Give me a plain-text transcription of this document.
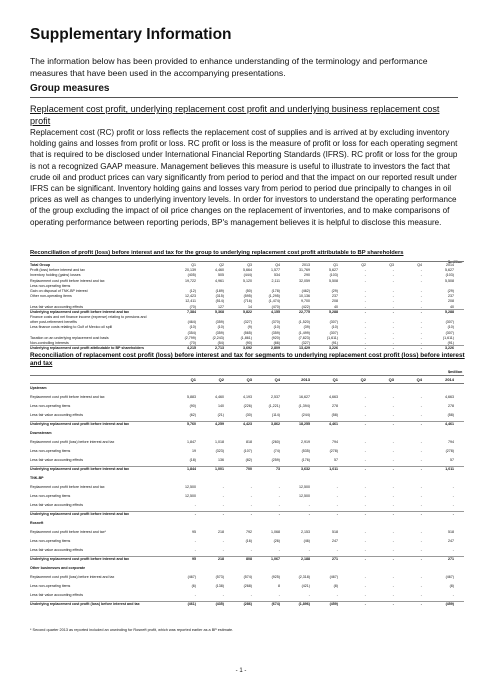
Supplementary Information
The information below has been provided to enhance understanding of the terminology and performance measures that have been used in the accompanying presentations.
Group measures
Replacement cost profit, underlying replacement cost profit and underlying business replacement cost profit
Replacement cost (RC) profit or loss reflects the replacement cost of supplies and is arrived at by excluding inventory holding gains and losses from profit or loss. RC profit or loss is the measure of profit or loss for each operating segment that is required to be disclosed under International Financial Reporting Standards (IFRS). RC profit or loss for the group is not a recognized GAAP measure. Management believes this measure is useful to illustrate to investors the fact that crude oil and product prices can vary significantly from period to period and that the impact on our reported result under IFRS can be significant. Inventory holding gains and losses vary from period to period due principally to changes in oil prices as well as changes to underlying inventory levels. In order for investors to understand the operating performance of the group excluding the impact of oil price changes on the replacement of inventories, and to make comparisons of operating performance between reporting periods, BP's management believes it is helpful to disclose this measure.
Reconciliation of profit (loss) before interest and tax for the group to underlying replacement cost profit attributable to BP shareholders
$million
Total Group	Q1	Q2	Q3	Q4	2013	Q1	Q2	Q3	Q4	2014
Profit (loss) before interest and tax	20,139	4,460	5,664	1,577	31,769	5,627	-	-	-	5,627
Inventory holding (gains) losses	(405)	505	(444)	534	290	(103)	-	-	-	(103)
Replacement cost profit before interest and tax	19,722	4,961	5,120	2,111	32,059	5,508	-	-	-	5,508
Less non-operating items
Gain on disposal of TNK-BP interest	(12)	(189)	(50)	(178)	(462)	(29)	-	-	-	(29)
Other non-operating items	12,423	(315)	(595)	(1,295)	10,136	237	-	-	-	237
12,411	(514)	(716)	(1,474)	9,700	208	-	-	-	208
Less fair value accounting effects	(70)	127	14	(470)	(422)	40	-	-	-	40
Underlying replacement cost profit before interest and tax	7,384	5,368	5,822	4,155	22,775	5,288	-	-	-	5,288
Finance costs and net finance income (expense) relating to pensions and
other post-retirement benefits	(464)	(359)	(327)	(370)	(1,520)	(307)	-	-	-	(307)
Less finance costs relating to Gulf of Mexico oil spill	(10)	(10)	(9)	(10)	(39)	(10)	-	-	-	(10)
(354)	(359)	(565)	(359)	(1,499)	(307)	-	-	-	(307)
Taxation on an underlying replacement cost basis	(2,799)	(2,243)	(1,861)	(920)	(7,823)	(1,611)	-	-	-	(1,611)
Non-controlling interests	(70)	(54)	(90)	(66)	(327)	(91)	-	-	-	(91)
Underlying replacement cost profit attributable to BP shareholders	4,215	2,713	3,692	2,809	13,429	3,226	-	-	-	3,226
Reconciliation of replacement cost profit (loss) before interest and tax for segments to underlying replacement cost profit (loss) before interest and tax
$million
Q1	Q2	Q3	Q4	2013	Q1	Q2	Q3	Q4	2014
Upstream
Replacement cost profit before interest and tax	5,883	4,460	4,193	2,537	16,627	4,663	-	-	-	4,663
Less non-operating items	(90)	140	(226)	(1,221)	(1,394)	278	-	-	-	278
Less fair value accounting effects	(62)	(21)	(30)	(114)	(244)	(58)	-	-	-	(58)
Underlying replacement cost profit before interest and tax	5,760	4,259	4,423	3,862	18,255	4,461	-	-	-	4,461
Downstream
Replacement cost profit (loss) before interest and tax	1,847	1,018	818	(260)	2,919	794	-	-	-	794
Less non-operating items	19	(323)	(107)	(74)	(535)	(278)	-	-	-	(278)
Less fair value accounting effects	(18)	136	(82)	(259)	(176)	57	-	-	-	57
Underlying replacement cost profit before interest and tax	1,844	1,001	700	73	3,632	1,011	-	-	-	1,011
TNK-BP
Replacement cost profit before interest and tax	12,500	-	-	-	12,500	-	-	-	-	-
Less non-operating items	12,500	-	-	-	12,500	-	-	-	-	-
Less fair value accounting effects	-	-	-	-	-	-	-	-	-	-
Underlying replacement cost profit before interest and tax	-	-	-	-	-	-	-	-	-	-
Rosneft
Replacement cost profit before interest and tax*	95	218	792	1,068	2,153	518	-	-	-	518
Less non-operating items	-	-	(16)	(26)	(46)	247	-	-	-	247
Less fair value accounting effects	-	-	-	-	-	-	-	-	-	-
Underlying replacement cost profit before interest and tax	95	218	808	1,067	2,188	271	-	-	-	271
Other businesses and corporate
Replacement cost profit (loss) before interest and tax	(467)	(573)	(574)	(925)	(2,318)	(467)	-	-	-	(467)
Less non-operating items	(6)	(138)	(268)	8	(421)	(8)	-	-	-	(8)
Less fair value accounting effects	-	-	-	-	-	-	-	-	-	-
Underlying replacement cost profit (loss) before interest and tax	(461)	(435)	(286)	(674)	(1,896)	(459)	-	-	-	(459)
* Second quarter 2013 as reported included an unwinding for Rosneft profit, which was reported earlier as a BP estimate.
- 1 -
